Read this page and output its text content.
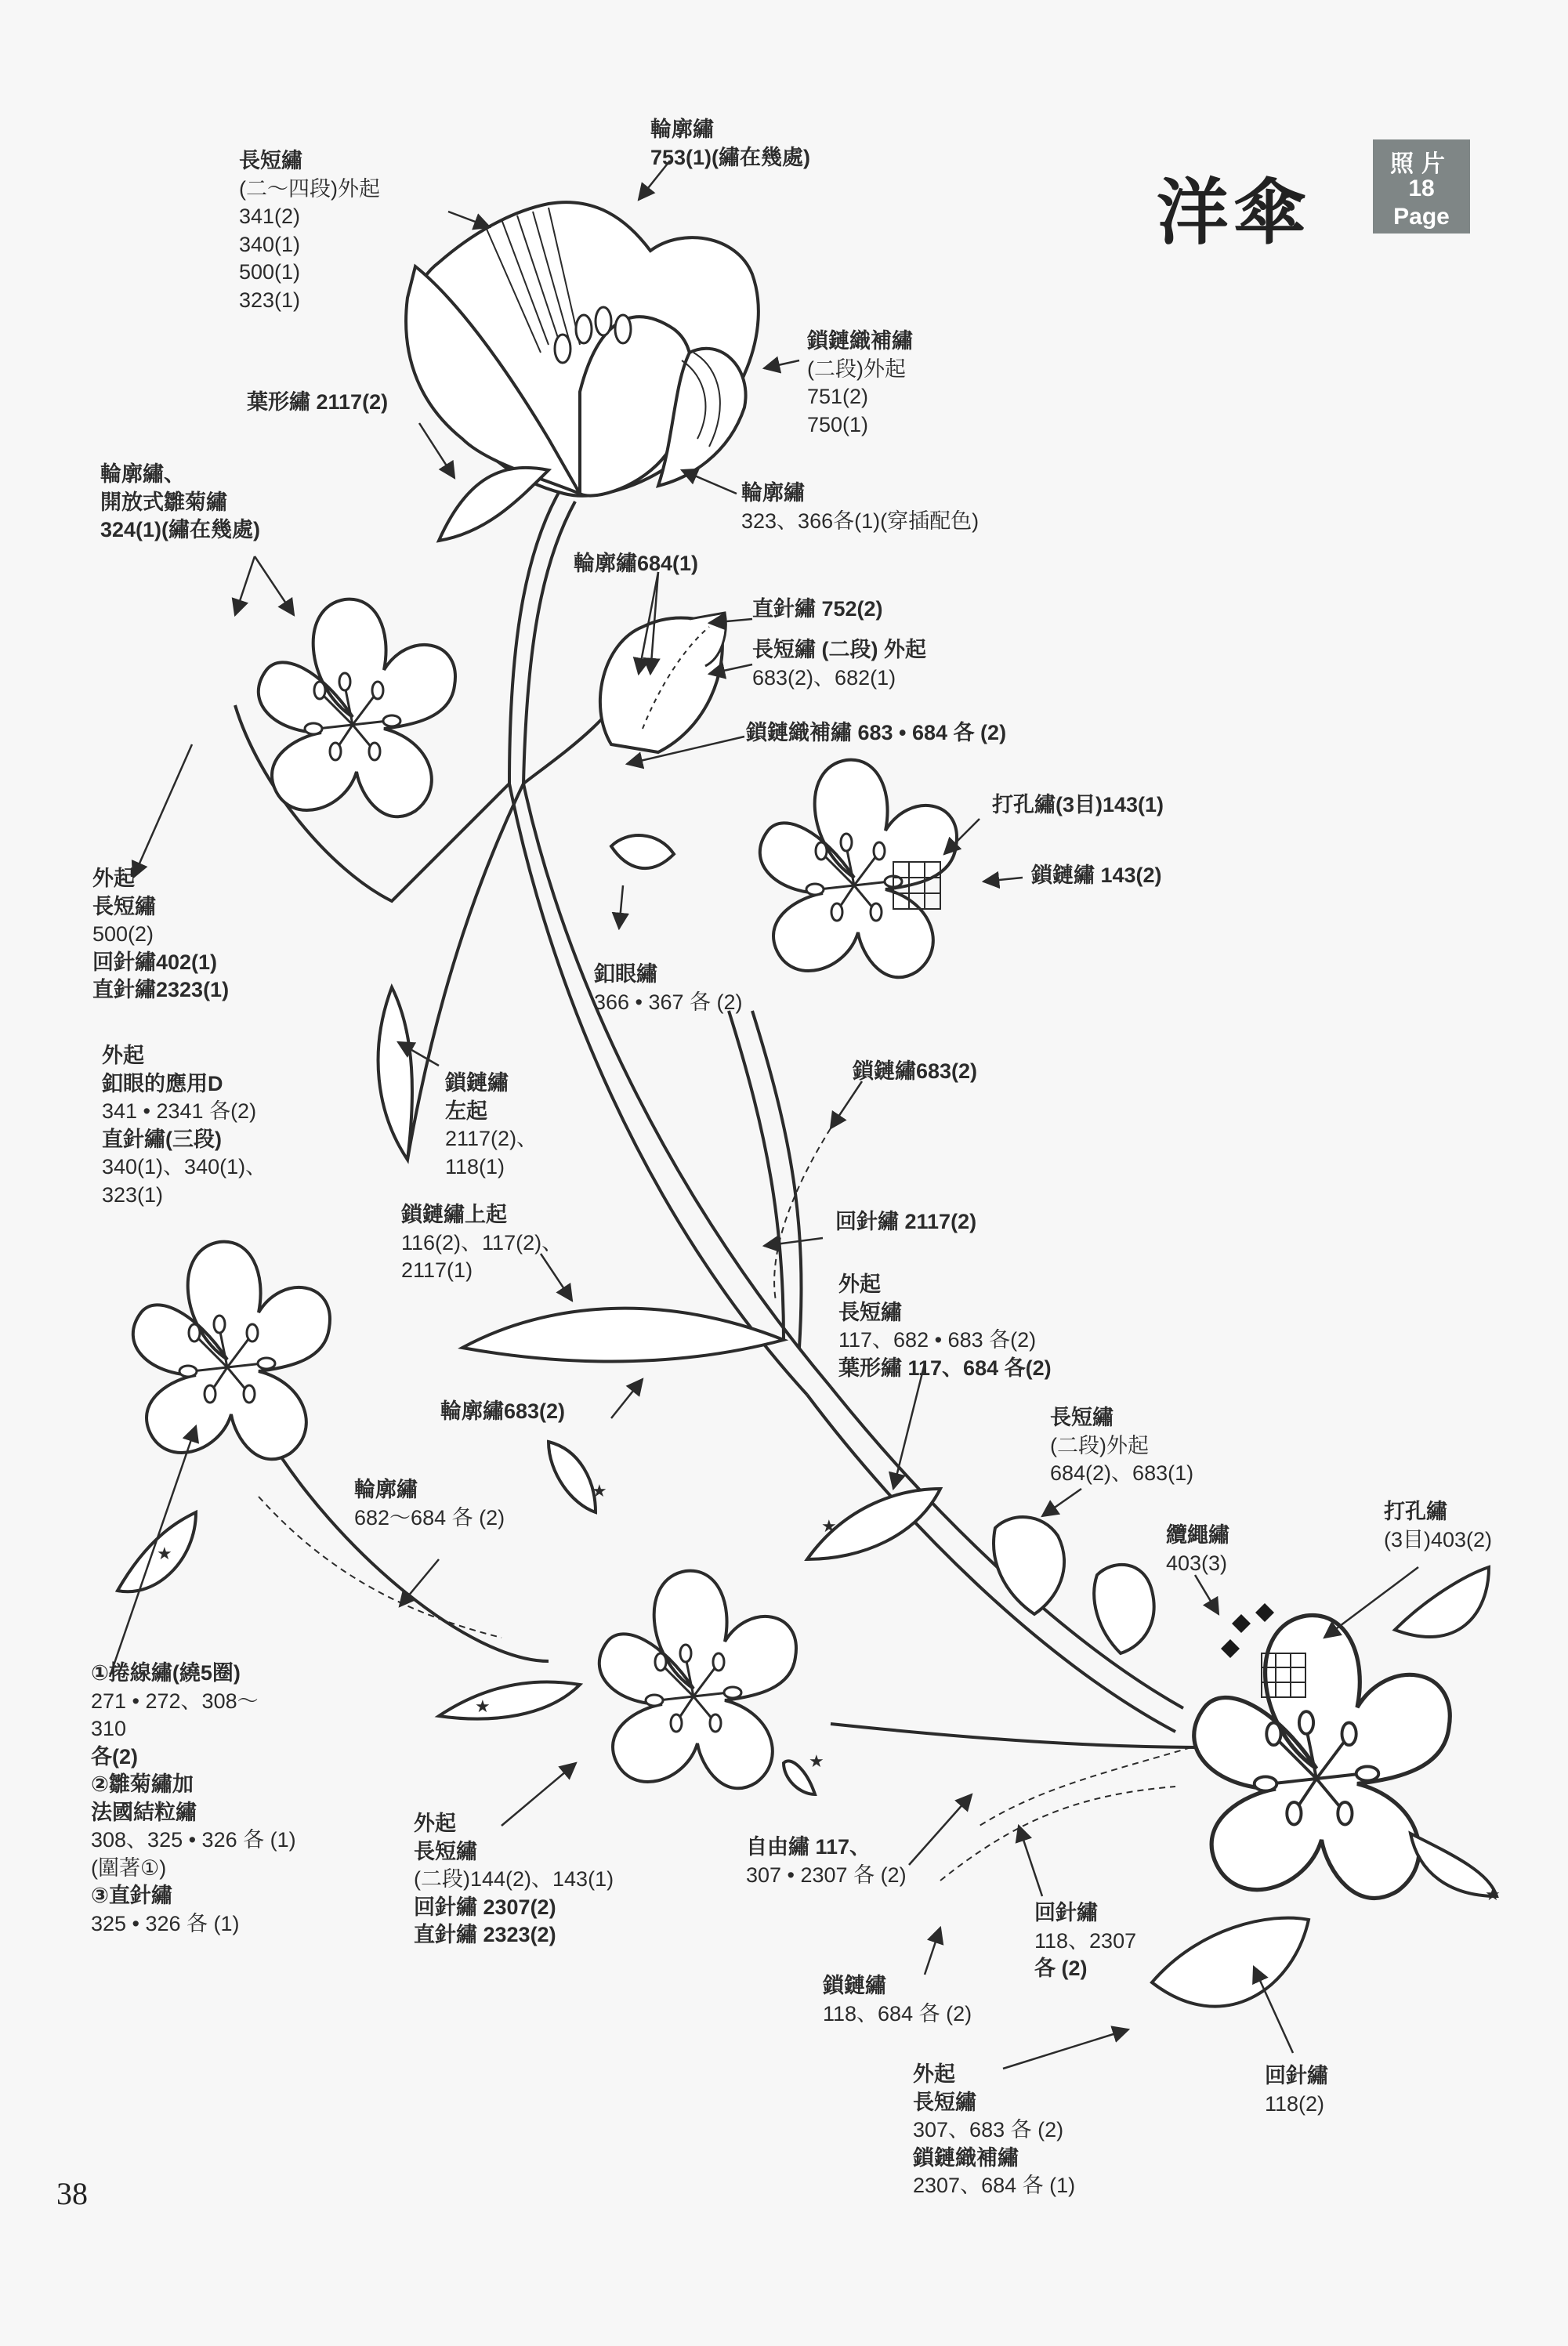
★
★
★
★
★
★
洋傘
照片
18
Page
輪廓繡
753(1)(繡在幾處)
長短繡
(二～四段)外起
341(2)
340(1)
500(1)
323(1)
鎖鏈織補繡
(二段)外起
751(2)
750(1)
葉形繡 2117(2)
輪廓繡
323、366各(1)(穿插配色)
輪廓繡、
開放式雛菊繡
324(1)(繡在幾處)
輪廓繡684(1)
直針繡 752(2)
長短繡 (二段) 外起
683(2)、682(1)
鎖鏈織補繡 683 • 684 各 (2)
打孔繡(3目)143(1)
鎖鏈繡 143(2)
外起
長短繡
500(2)
回針繡402(1)
直針繡2323(1)
釦眼繡
366 • 367 各 (2)
鎖鏈繡
左起
2117(2)、
118(1)
外起
釦眼的應用D
341 • 2341 各(2)
直針繡(三段)
340(1)、340(1)、
323(1)
鎖鏈繡683(2)
回針繡 2117(2)
鎖鏈繡上起
116(2)、117(2)、
2117(1)
外起
長短繡
117、682 • 683 各(2)
葉形繡 117、684 各(2)
輪廓繡683(2)	長短繡
(二段)外起
684(2)、683(1)
輪廓繡
682～684 各 (2)	打孔繡
(3目)403(2)
纜繩繡
403(3)
①捲線繡(繞5圈)
271 • 272、308～
310
各(2)
②雛菊繡加
法國結粒繡
308、325 • 326 各 (1)
(圍著①)
③直針繡
325 • 326 各 (1)
外起
長短繡
(二段)144(2)、143(1)
回針繡 2307(2)
直針繡 2323(2)
自由繡 117、
307 • 2307 各 (2)
回針繡
118、2307
各 (2)
鎖鏈繡
118、684 各 (2)
回針繡
118(2)
外起
長短繡
307、683 各 (2)
鎖鏈織補繡
2307、684 各 (1)
38
